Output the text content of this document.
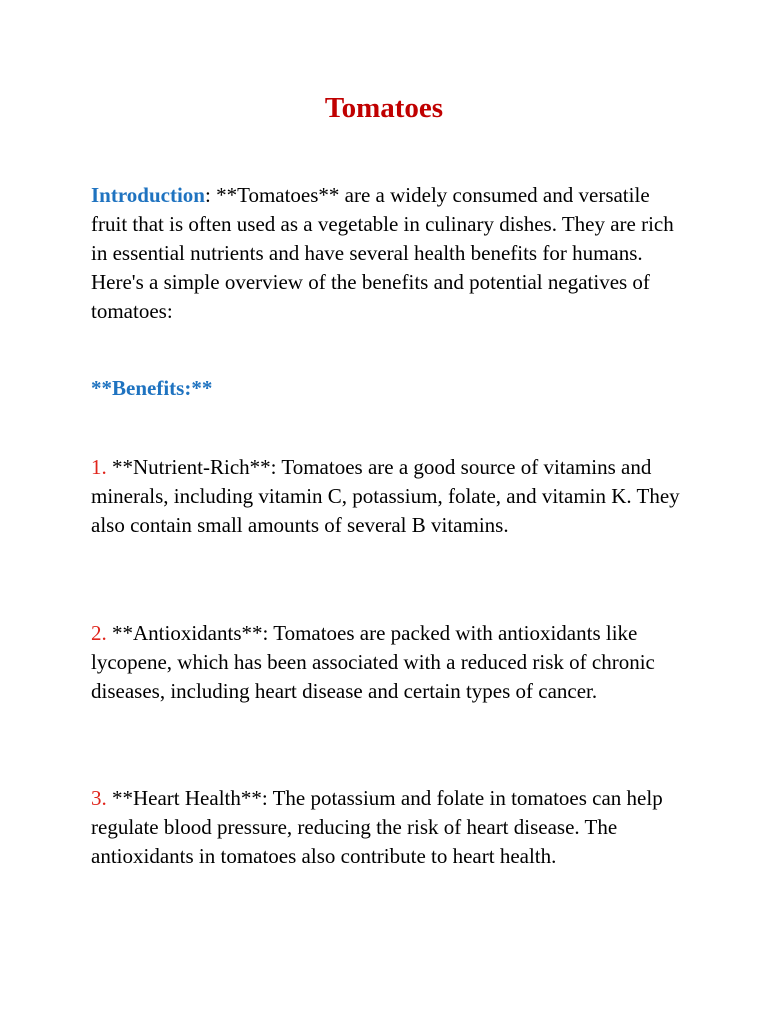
Tomatoes

Introduction: **Tomatoes** are a widely consumed and versatile fruit that is often used as a vegetable in culinary dishes. They are rich in essential nutrients and have several health benefits for humans. Here's a simple overview of the benefits and potential negatives of tomatoes:

**Benefits:**

1. **Nutrient-Rich**: Tomatoes are a good source of vitamins and minerals, including vitamin C, potassium, folate, and vitamin K. They also contain small amounts of several B vitamins.

2. **Antioxidants**: Tomatoes are packed with antioxidants like lycopene, which has been associated with a reduced risk of chronic diseases, including heart disease and certain types of cancer.

3. **Heart Health**: The potassium and folate in tomatoes can help regulate blood pressure, reducing the risk of heart disease. The antioxidants in tomatoes also contribute to heart health.
